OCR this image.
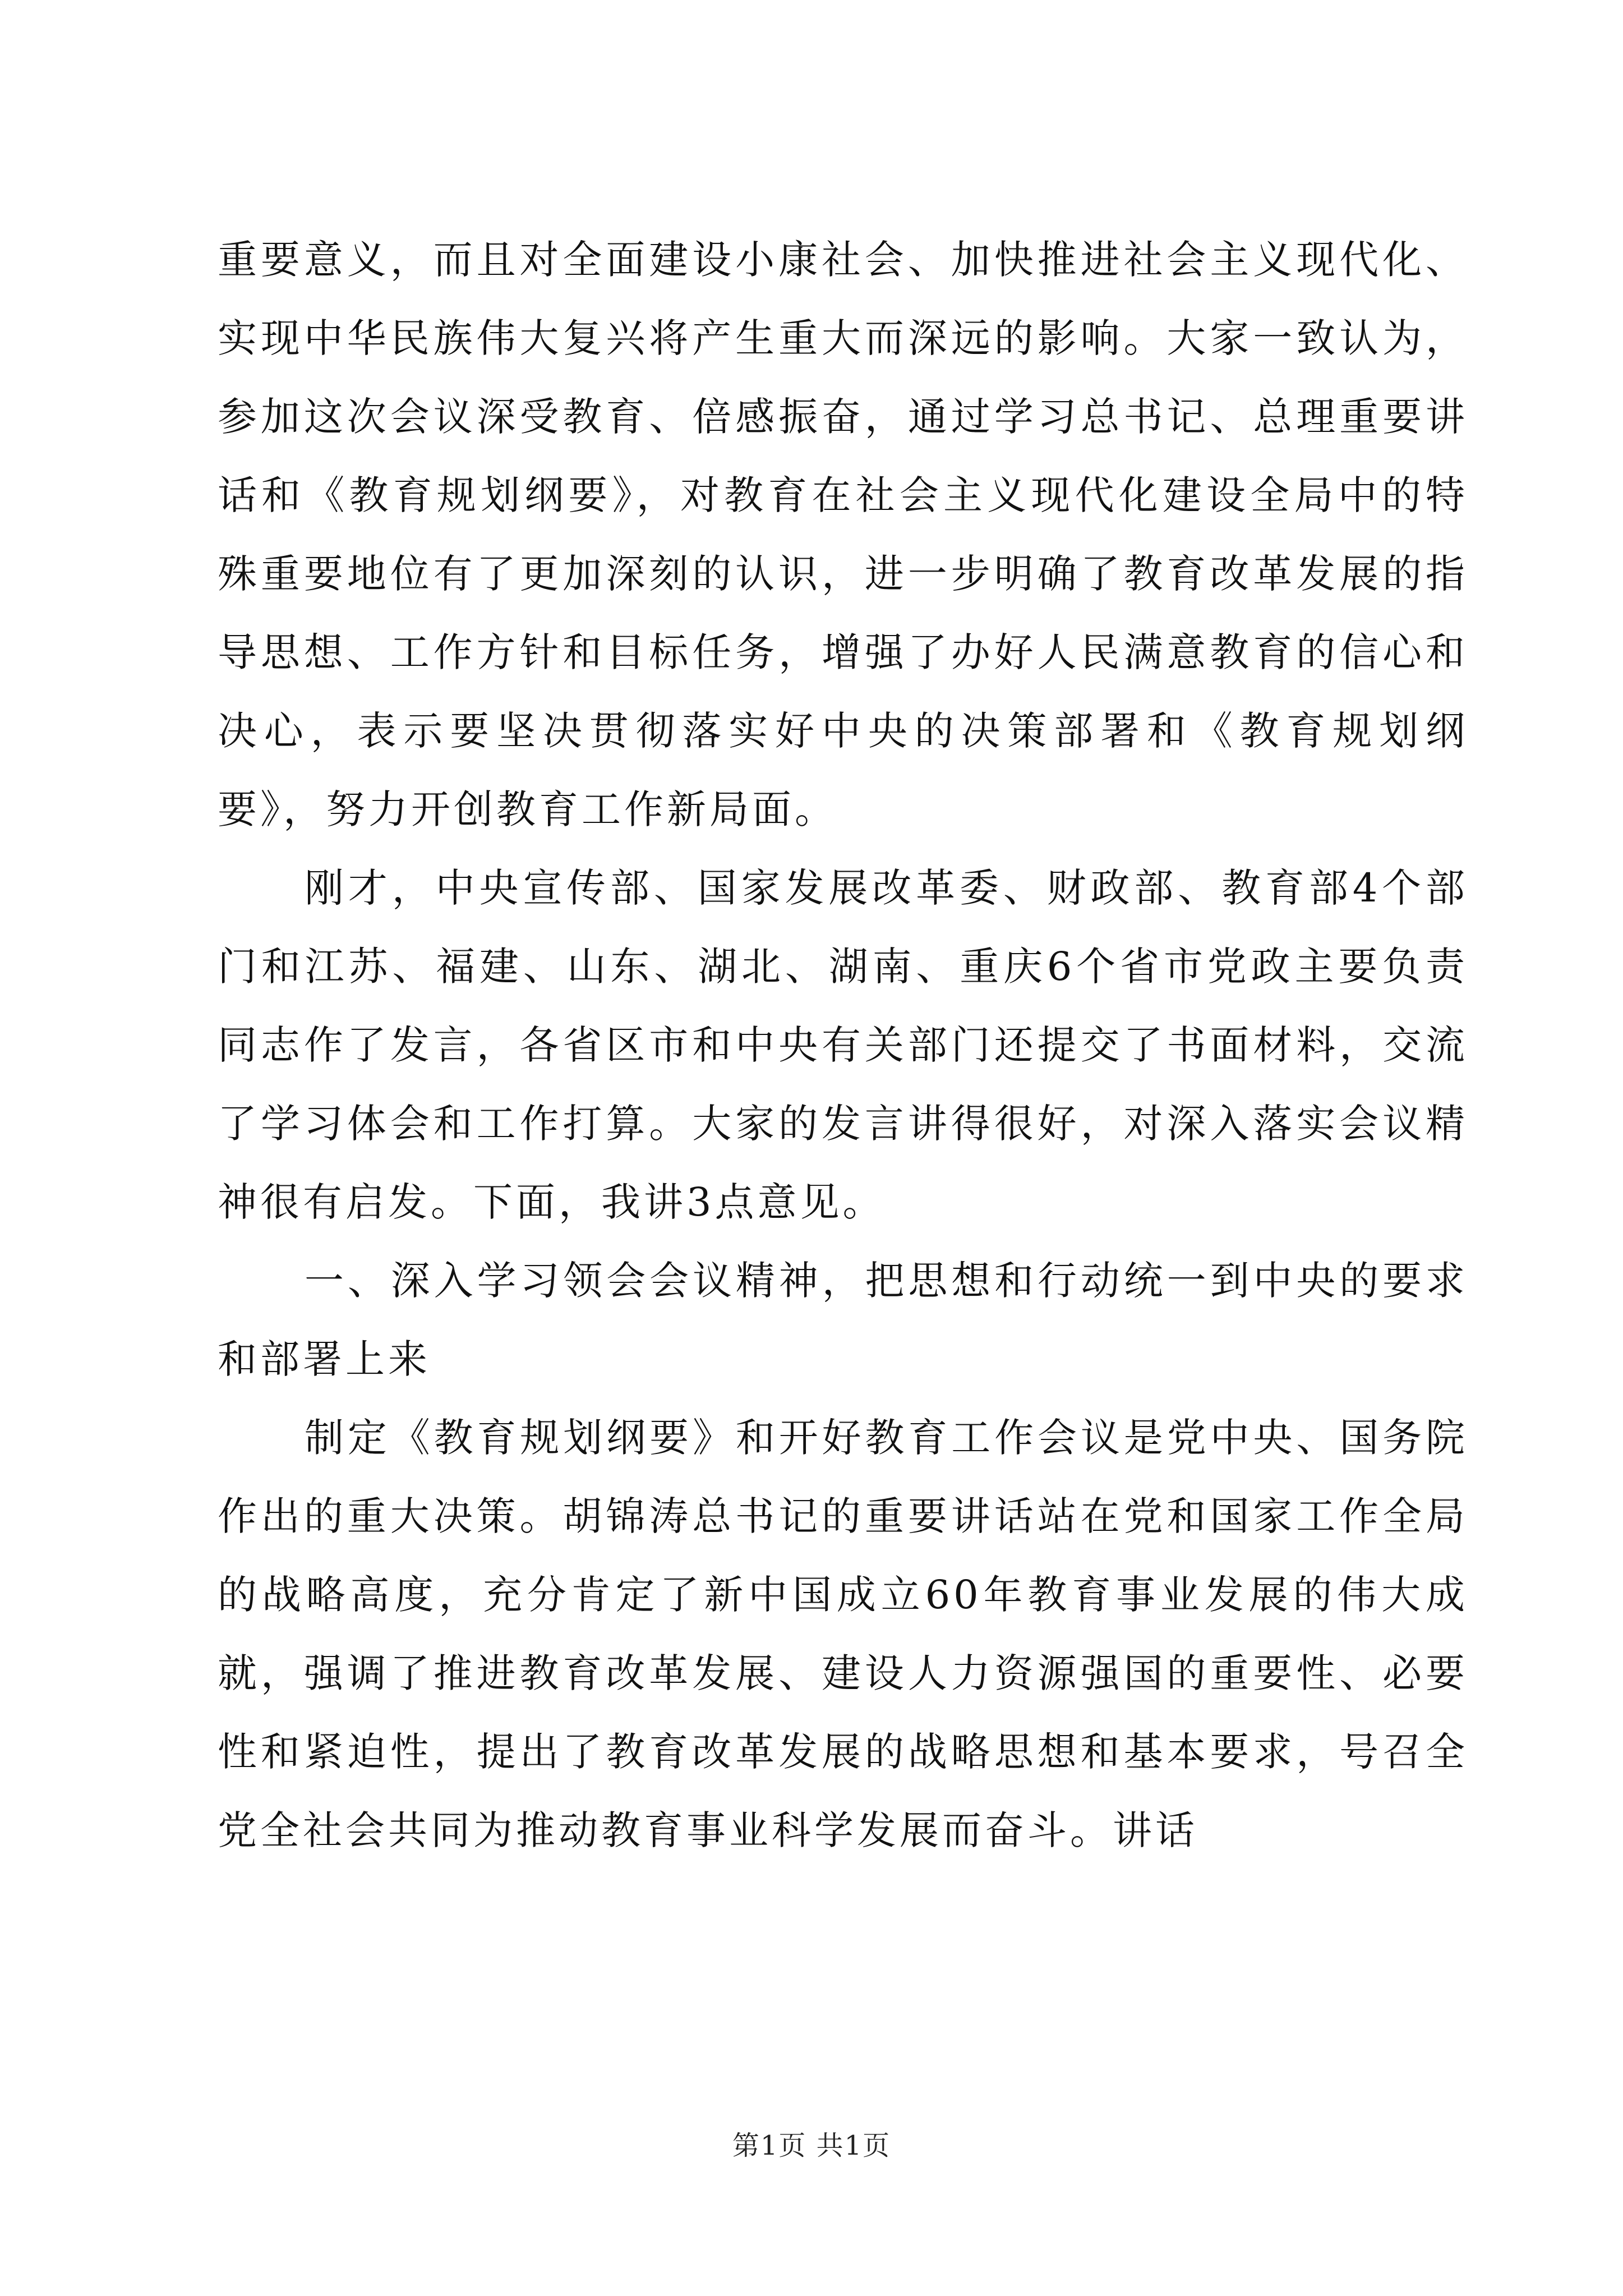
重要意义，而且对全面建设小康社会、加快推进社会主义现代化、实现中华民族伟大复兴将产生重大而深远的影响。大家一致认为，参加这次会议深受教育、倍感振奋，通过学习总书记、总理重要讲话和《教育规划纲要》，对教育在社会主义现代化建设全局中的特殊重要地位有了更加深刻的认识，进一步明确了教育改革发展的指导思想、工作方针和目标任务，增强了办好人民满意教育的信心和决心，表示要坚决贯彻落实好中央的决策部署和《教育规划纲要》，努力开创教育工作新局面。

刚才，中央宣传部、国家发展改革委、财政部、教育部4个部门和江苏、福建、山东、湖北、湖南、重庆6个省市党政主要负责同志作了发言，各省区市和中央有关部门还提交了书面材料，交流了学习体会和工作打算。大家的发言讲得很好，对深入落实会议精神很有启发。下面，我讲3点意见。

一、深入学习领会会议精神，把思想和行动统一到中央的要求和部署上来

制定《教育规划纲要》和开好教育工作会议是党中央、国务院作出的重大决策。胡锦涛总书记的重要讲话站在党和国家工作全局的战略高度，充分肯定了新中国成立60年教育事业发展的伟大成就，强调了推进教育改革发展、建设人力资源强国的重要性、必要性和紧迫性，提出了教育改革发展的战略思想和基本要求，号召全党全社会共同为推动教育事业科学发展而奋斗。讲话

第1页 共1页
